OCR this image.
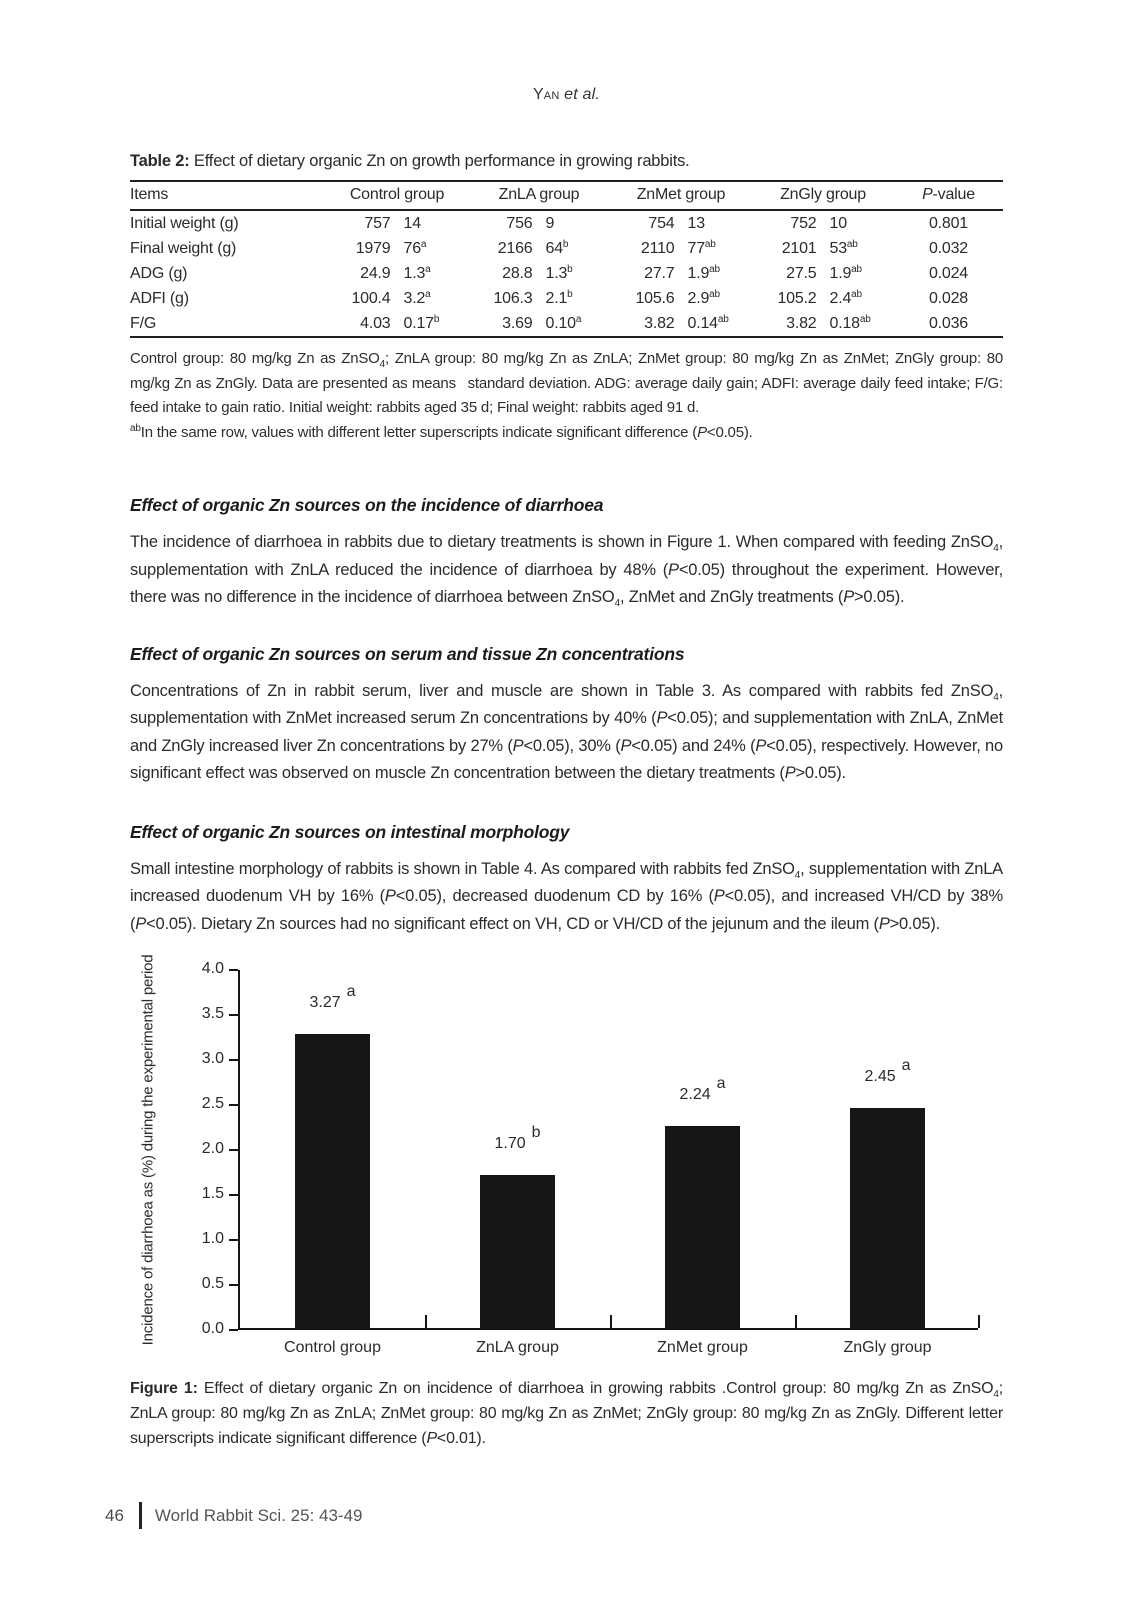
Yan et al.

Table 2: Effect of dietary organic Zn on growth performance in growing rabbits.

Items	Control group	ZnLA group	ZnMet group	ZnGly group	P-value
Initial weight (g)	757 14	756 9	754 13	752 10	0.801
Final weight (g)	1979 76$^a$	2166 64$^b$	2110 $77^{ab}$	2101 $53^{ab}$	0.032
ADG (g)	24.9 1.3$^a$	28.8 1.3$^b$	27.7 1.9$^{ab}$	27.5 1.9$^{ab}$	0.024
ADFI (g)	100.4 3.2$^a$	106.3 2.1$^b$	105.6 2.9$^{ab}$	105.2 2.4$^{ab}$	0.028
F/G	4.03 0.17$^b$	3.69 0.10$^a$	3.82 0.14$^{ab}$	3.82 0.18$^{ab}$	0.036

Control group: 80 mg/kg Zn as ZnSO$_4$; ZnLA group: 80 mg/kg Zn as ZnLA; ZnMet group: 80 mg/kg Zn as ZnMet; ZnGly group: 80 mg/kg Zn as ZnGly. Data are presented as means  standard deviation. ADG: average daily gain; ADFI: average daily feed intake; F/G: feed intake to gain ratio. Initial weight: rabbits aged 35 d; Final weight: rabbits aged 91 d.

$^{ab}$In the same row, values with different letter superscripts indicate significant difference (P<0.05).

Effect of organic Zn sources on the incidence of diarrhoea

The incidence of diarrhoea in rabbits due to dietary treatments is shown in Figure 1. When compared with feeding ZnSO$_4$, supplementation with ZnLA reduced the incidence of diarrhoea by 48% (P<0.05) throughout the experiment. However, there was no difference in the incidence of diarrhoea between ZnSO$_4$, ZnMet and ZnGly treatments (P>0.05).

Effect of organic Zn sources on serum and tissue Zn concentrations

Concentrations of Zn in rabbit serum, liver and muscle are shown in Table 3. As compared with rabbits fed ZnSO$_4$, supplementation with ZnMet increased serum Zn concentrations by 40% (P<0.05); and supplementation with ZnLA, ZnMet and ZnGly increased liver Zn concentrations by 27% (P<0.05), 30% (P<0.05) and 24% (P<0.05), respectively. However, no significant effect was observed on muscle Zn concentration between the dietary treatments (P>0.05).

Effect of organic Zn sources on intestinal morphology

Small intestine morphology of rabbits is shown in Table 4. As compared with rabbits fed ZnSO$_4$, supplementation with ZnLA increased duodenum VH by 16% (P<0.05), decreased duodenum CD by 16% (P<0.05), and increased VH/CD by 38% (P<0.05). Dietary Zn sources had no significant effect on VH, CD or VH/CD of the jejunum and the ileum (P>0.05).

Incidence of diarrhoea as (%) during the experimental period	0.0
0.5
1.0
1.5
2.0
2.5
3.0
3.5
4.0
3.27a
Control group
1.70b
ZnLA group
2.24a
ZnMet group
2.45a
ZnGly group

Figure 1: Effect of dietary organic Zn on incidence of diarrhoea in growing rabbits .Control group: 80 mg/kg Zn as ZnSO$_4$; ZnLA group: 80 mg/kg Zn as ZnLA; ZnMet group: 80 mg/kg Zn as ZnMet; ZnGly group: 80 mg/kg Zn as ZnGly. Different letter superscripts indicate significant difference (P<0.01).

46 World Rabbit Sci. 25: 43-49
